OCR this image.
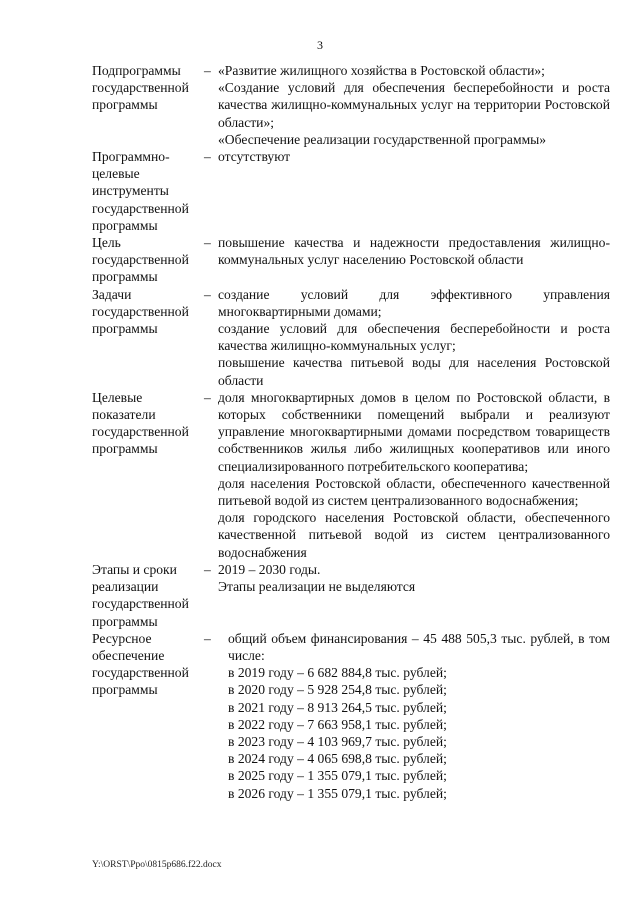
3
Подпрограммы
государственной
программы
– «Развитие жилищного хозяйства в Ростовской области»;
«Создание условий для обеспечения бесперебойности и роста качества жилищно-коммунальных услуг на территории Ростовской области»;
«Обеспечение реализации государственной программы»
Программно-
целевые
инструменты
государственной
программы
– отсутствуют
Цель
государственной
программы
– повышение качества и надежности предоставления жилищно-коммунальных услуг населению Ростовской области
Задачи
государственной
программы
– создание условий для эффективного управления многоквартирными домами;
создание условий для обеспечения бесперебойности и роста качества жилищно-коммунальных услуг;
повышение качества питьевой воды для населения Ростовской области
Целевые
показатели
государственной
программы
– доля многоквартирных домов в целом по Ростовской области, в которых собственники помещений выбрали и реализуют управление многоквартирными домами посредством товариществ собственников жилья либо жилищных кооперативов или иного специализированного потребительского кооператива;
доля населения Ростовской области, обеспеченного качественной питьевой водой из систем централизованного водоснабжения;
доля городского населения Ростовской области, обеспеченного качественной питьевой водой из систем централизованного водоснабжения
Этапы и сроки
реализации
государственной
программы
– 2019 – 2030 годы.
Этапы реализации не выделяются
Ресурсное
обеспечение
государственной
программы
–	общий объем финансирования – 45 488 505,3 тыс. рублей, в том числе:
в 2019 году – 6 682 884,8 тыс. рублей;
в 2020 году – 5 928 254,8 тыс. рублей;
в 2021 году – 8 913 264,5 тыс. рублей;
в 2022 году – 7 663 958,1 тыс. рублей;
в 2023 году – 4 103 969,7 тыс. рублей;
в 2024 году – 4 065 698,8 тыс. рублей;
в 2025 году – 1 355 079,1 тыс. рублей;
в 2026 году – 1 355 079,1 тыс. рублей;
Y:\ORST\Ppo\0815p686.f22.docx
